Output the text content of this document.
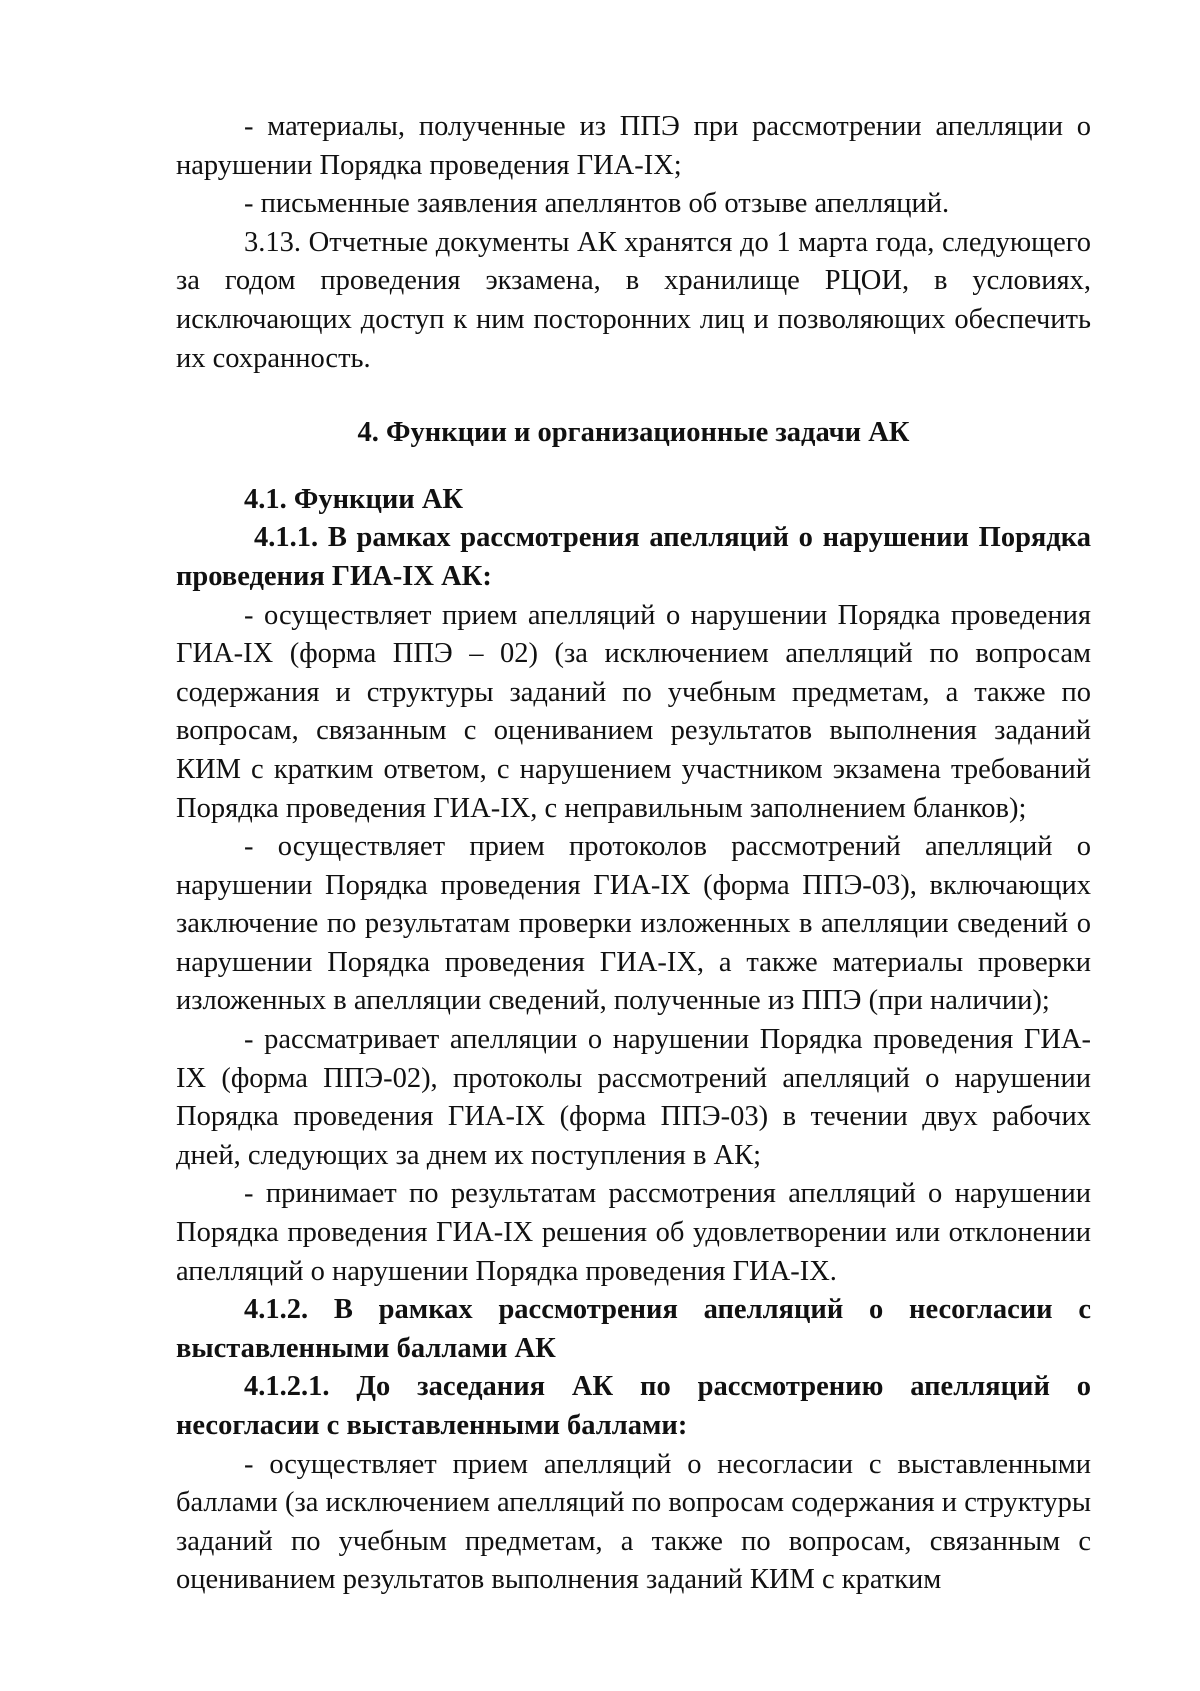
- материалы, полученные из ППЭ при рассмотрении апелляции о нарушении Порядка проведения ГИА-IX;

- письменные заявления апеллянтов об отзыве апелляций.

3.13. Отчетные документы АК хранятся до 1 марта года, следующего за годом проведения экзамена, в хранилище РЦОИ, в условиях, исключающих доступ к ним посторонних лиц и позволяющих обеспечить их сохранность.

4. Функции и организационные задачи АК

4.1. Функции АК

4.1.1. В рамках рассмотрения апелляций о нарушении Порядка проведения ГИА-IX АК:

- осуществляет прием апелляций о нарушении Порядка проведения ГИА-IX (форма ППЭ – 02) (за исключением апелляций по вопросам содержания и структуры заданий по учебным предметам, а также по вопросам, связанным с оцениванием результатов выполнения заданий КИМ с кратким ответом, с нарушением участником экзамена требований Порядка проведения ГИА-IX, с неправильным заполнением бланков);

- осуществляет прием протоколов рассмотрений апелляций о нарушении Порядка проведения ГИА-IX (форма ППЭ-03), включающих заключение по результатам проверки изложенных в апелляции сведений о нарушении Порядка проведения ГИА-IX, а также материалы проверки изложенных в апелляции сведений, полученные из ППЭ (при наличии);

- рассматривает апелляции о нарушении Порядка проведения ГИА-IX (форма ППЭ-02), протоколы рассмотрений апелляций о нарушении Порядка проведения ГИА-IX (форма ППЭ-03) в течении двух рабочих дней, следующих за днем их поступления в АК;

- принимает по результатам рассмотрения апелляций о нарушении Порядка проведения ГИА-IX решения об удовлетворении или отклонении апелляций о нарушении Порядка проведения ГИА-IX.

4.1.2. В рамках рассмотрения апелляций о несогласии с выставленными баллами АК

4.1.2.1. До заседания АК по рассмотрению апелляций о несогласии с выставленными баллами:

- осуществляет прием апелляций о несогласии с выставленными баллами (за исключением апелляций по вопросам содержания и структуры заданий по учебным предметам, а также по вопросам, связанным с оцениванием результатов выполнения заданий КИМ с кратким
